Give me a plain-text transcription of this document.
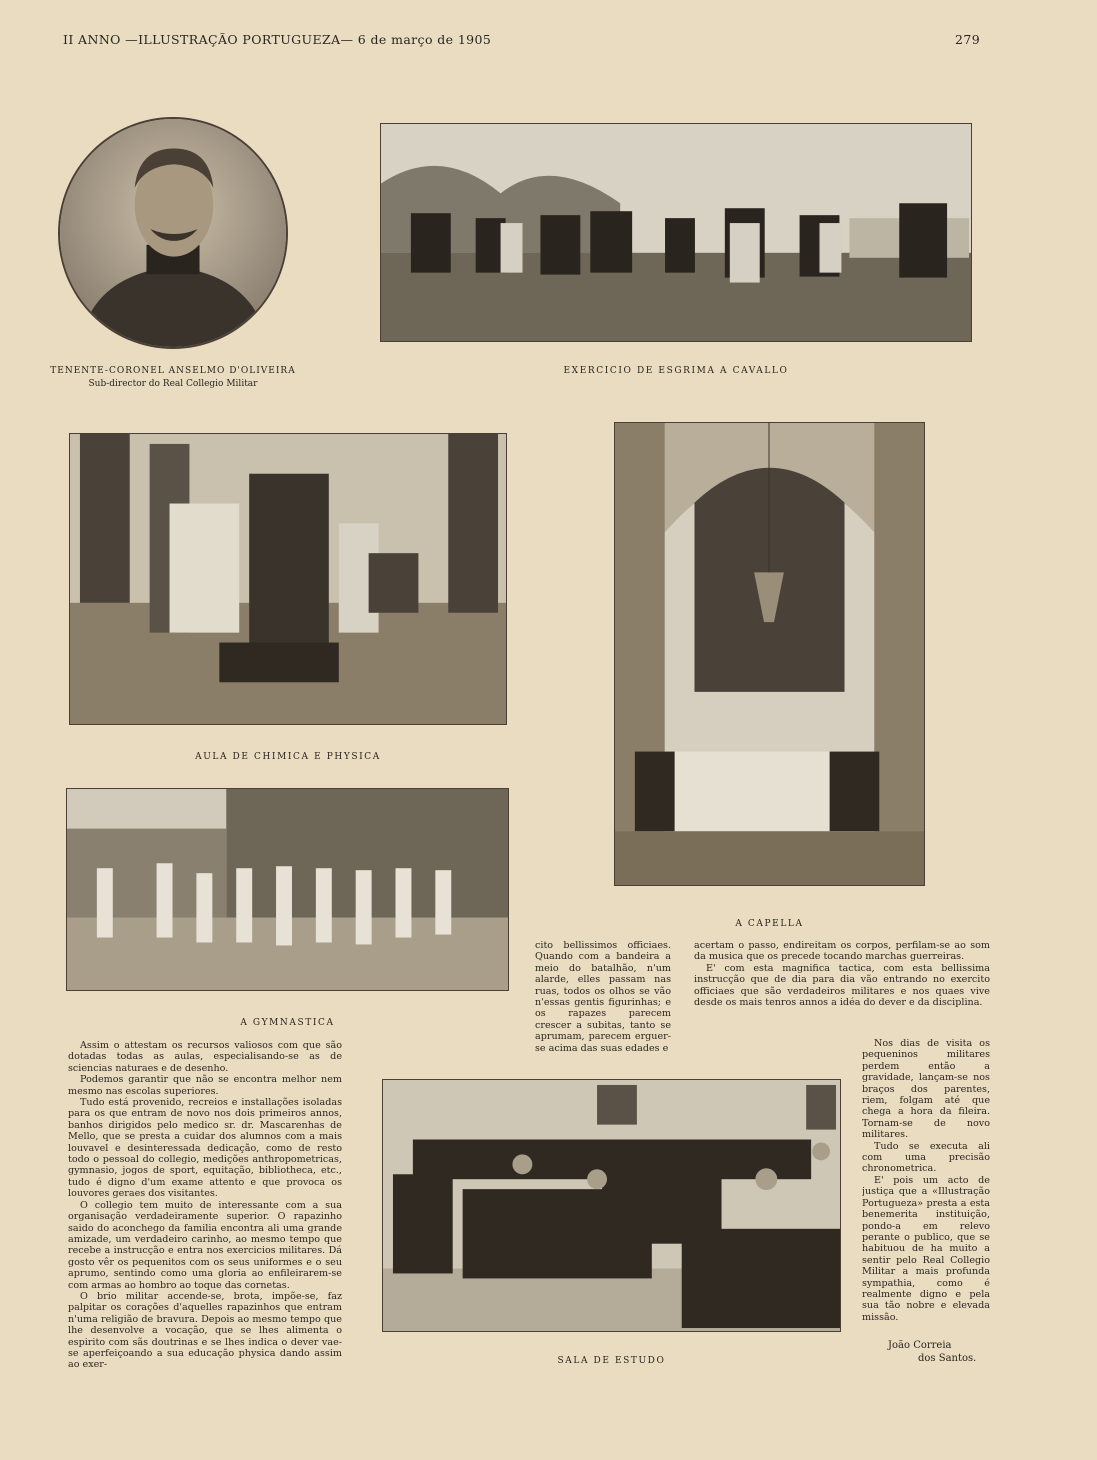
II ANNO —ILLUSTRAÇÃO PORTUGUEZA— 6 de março de 1905	279
TENENTE-CORONEL ANSELMO D'OLIVEIRA
Sub-director do Real Collegio Militar
EXERCICIO DE ESGRIMA A CAVALLO
AULA DE CHIMICA E PHYSICA
A CAPELLA
A GYMNASTICA
SALA DE ESTUDO

Assim o attestam os recursos valiosos com que são dotadas todas as aulas, especialisando-se as de sciencias naturaes e de desenho.

Podemos garantir que não se encontra melhor nem mesmo nas escolas superiores.

Tudo está provenido, recreios e installações isoladas para os que entram de novo nos dois primeiros annos, banhos dirigidos pelo medico sr. dr. Mascarenhas de Mello, que se presta a cuidar dos alumnos com a mais louvavel e desinteressada dedicação, como de resto todo o pessoal do collegio, medições anthropometricas, gymnasio, jogos de sport, equitação, bibliotheca, etc., tudo é digno d'um exame attento e que provoca os louvores geraes dos visitantes.

O collegio tem muito de interessante com a sua organisação verdadeiramente superior. O rapazinho saido do aconchego da familia encontra ali uma grande amizade, um verdadeiro carinho, ao mesmo tempo que recebe a instrucção e entra nos exercicios militares. Dá gosto vêr os pequenitos com os seus uniformes e o seu aprumo, sentindo como uma gloria ao enfileirarem-se com armas ao hombro ao toque das cornetas.

O brio militar accende-se, brota, impõe-se, faz palpitar os corações d'aquelles rapazinhos que entram n'uma religião de bravura. Depois ao mesmo tempo que lhe desenvolve a vocação, que se lhes alimenta o espirito com sãs doutrinas e se lhes indica o dever vae-se aperfeiçoando a sua educação physica dando assim ao exer-

cito bellissimos officiaes. Quando com a bandeira a meio do batalhão, n'um alarde, elles passam nas ruas, todos os olhos se vão n'essas gentis figurinhas; e os rapazes parecem crescer a subitas, tanto se aprumam, parecem erguer-se acima das suas edades e

acertam o passo, endireitam os corpos, perfilam-se ao som da musica que os precede tocando marchas guerreiras.

E' com esta magnifica tactica, com esta bellissima instrucção que de dia para dia vão entrando no exercito officiaes que são verdadeiros militares e nos quaes vive desde os mais tenros annos a idéa do dever e da disciplina.

Nos dias de visita os pequeninos militares perdem então a gravidade, lançam-se nos braços dos parentes, riem, folgam até que chega a hora da fileira. Tornam-se de novo militares.

Tudo se executa ali com uma precisão chronometrica.

E' pois um acto de justiça que a «Illustração Portugueza» presta a esta benemerita instituição, pondo-a em relevo perante o publico, que se habituou de ha muito a sentir pelo Real Collegio Militar a mais profunda sympathia, como é realmente digno e pela sua tão nobre e elevada missão.

João Correia
dos Santos.
